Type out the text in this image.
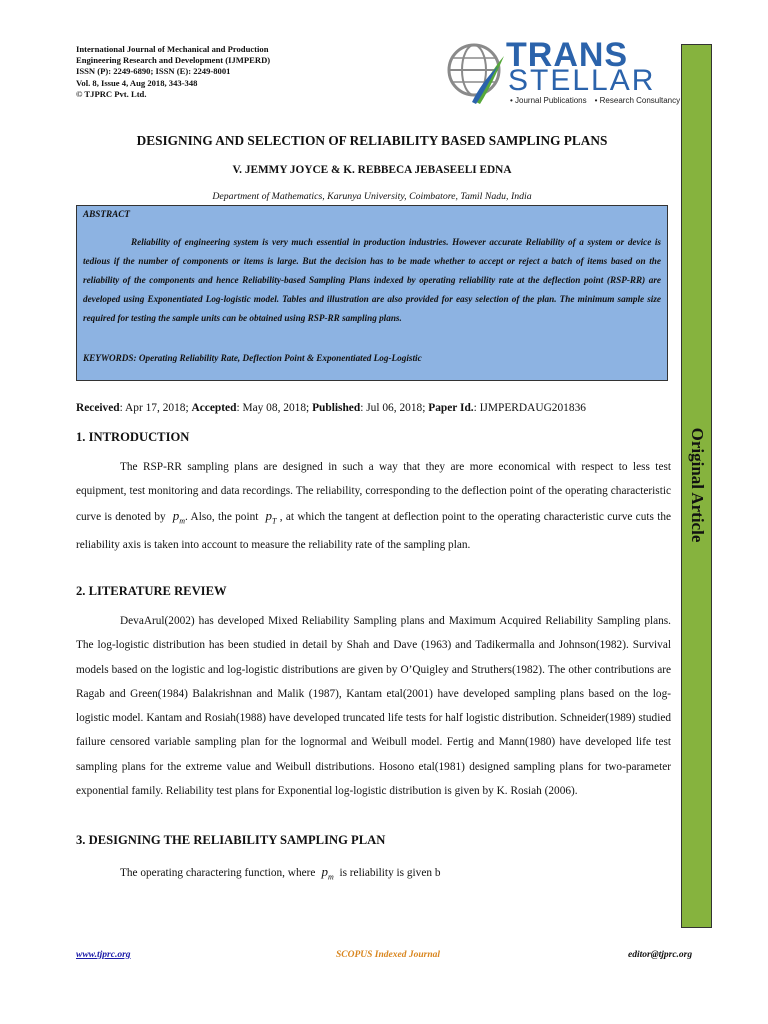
International Journal of Mechanical and Production
Engineering Research and Development (IJMPERD)
ISSN (P): 2249-6890; ISSN (E): 2249-8001
Vol. 8, Issue 4, Aug 2018, 343-348
© TJPRC Pvt. Ltd.
TRANS
STELLAR
• Journal Publications • Research Consultancy
Original Article
DESIGNING AND SELECTION OF RELIABILITY BASED SAMPLING PLANS
V. JEMMY JOYCE & K. REBBECA JEBASEELI EDNA
Department of Mathematics, Karunya University, Coimbatore, Tamil Nadu, India
ABSTRACT
Reliability of engineering system is very much essential in production industries. However accurate Reliability of a system or device is tedious if the number of components or items is large. But the decision has to be made whether to accept or reject a batch of items based on the reliability of the components and hence Reliability-based Sampling Plans indexed by operating reliability rate at the deflection point (RSP-RR) are developed using Exponentiated Log-logistic model. Tables and illustration are also provided for easy selection of the plan. The minimum sample size required for testing the sample units can be obtained using RSP-RR sampling plans.
KEYWORDS: Operating Reliability Rate, Deflection Point & Exponentiated Log-Logistic
Received: Apr 17, 2018; Accepted: May 08, 2018; Published: Jul 06, 2018; Paper Id.: IJMPERDAUG201836
1. INTRODUCTION
The RSP-RR sampling plans are designed in such a way that they are more economical with respect to less test equipment, test monitoring and data recordings. The reliability, corresponding to the deflection point of the operating characteristic curve is denoted by $p_m$. Also, the point $p_T$ , at which the tangent at deflection point to the operating characteristic curve cuts the reliability axis is taken into account to measure the reliability rate of the sampling plan.
2. LITERATURE REVIEW
DevaArul(2002) has developed Mixed Reliability Sampling plans and Maximum Acquired Reliability Sampling plans. The log-logistic distribution has been studied in detail by Shah and Dave (1963) and Tadikermalla and Johnson(1982). Survival models based on the logistic and log-logistic distributions are given by O’Quigley and Struthers(1982). The other contributions are Ragab and Green(1984) Balakrishnan and Malik (1987), Kantam etal(2001) have developed sampling plans based on the log-logistic model. Kantam and Rosiah(1988) have developed truncated life tests for half logistic distribution. Schneider(1989) studied failure censored variable sampling plan for the lognormal and Weibull model. Fertig and Mann(1980) have developed life test sampling plans for the extreme value and Weibull distributions. Hosono etal(1981) designed sampling plans for two-parameter exponential family. Reliability test plans for Exponential log-logistic distribution is given by K. Rosiah (2006).
3. DESIGNING THE RELIABILITY SAMPLING PLAN
The operating charactering function, where $p_m$ is reliability is given b
www.tjprc.org	SCOPUS Indexed Journal	editor@tjprc.org
